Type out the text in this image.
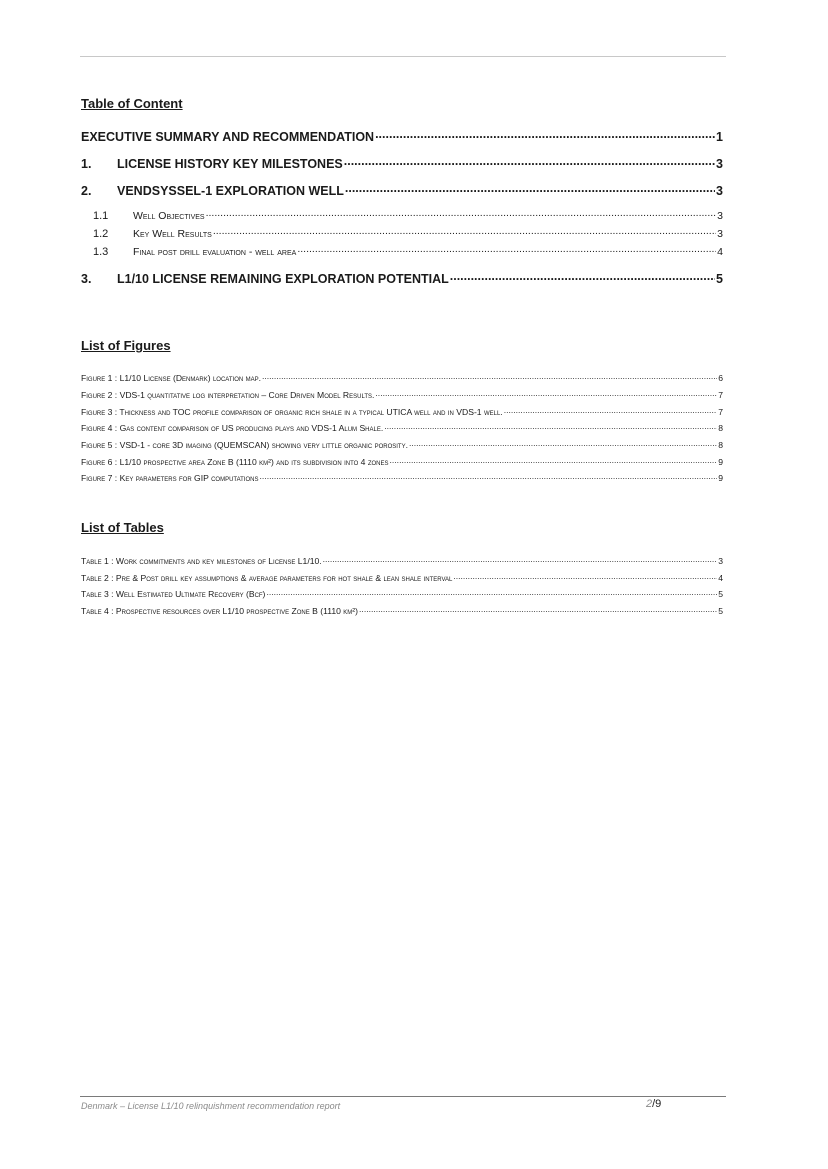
Table of Content
EXECUTIVE SUMMARY AND RECOMMENDATION .....	1
1.	LICENSE HISTORY KEY MILESTONES .....	3
2.	VENDSYSSEL-1 EXPLORATION WELL .....	3
1.1	Well Objectives .....	3
1.2	Key Well Results .....	3
1.3	Final post drill evaluation - well area .....	4
3.	L1/10 LICENSE REMAINING EXPLORATION POTENTIAL .....	5
List of Figures
Figure 1 : L1/10 License (Denmark) location map. .....	6
Figure 2 : VDS-1 quantitative log interpretation – Core Driven Model Results. .....	7
Figure 3 : Thickness and TOC profile comparison of organic rich shale in a typical UTICA well and in VDS-1 well. .....	7
Figure 4 : Gas content comparison of US producing plays and VDS-1 Alum Shale. .....	8
Figure 5 : VSD-1 - core 3D imaging (QUEMSCAN) showing very little organic porosity. .....	8
Figure 6 : L1/10 prospective area Zone B (1110 km²) and its subdivision into 4 zones .....	9
Figure 7 : Key parameters for GIP computations .....	9
List of Tables
Table 1 : Work commitments and key milestones of License L1/10. .....	3
Table 2 : Pre & Post drill key assumptions & average parameters for hot shale & lean shale interval .....	4
Table 3 : Well Estimated Ultimate Recovery (Bcf) .....	5
Table 4 : Prospective resources over L1/10 prospective Zone B (1110 km²) .....	5
Denmark – License L1/10 relinquishment recommendation report	2/9
